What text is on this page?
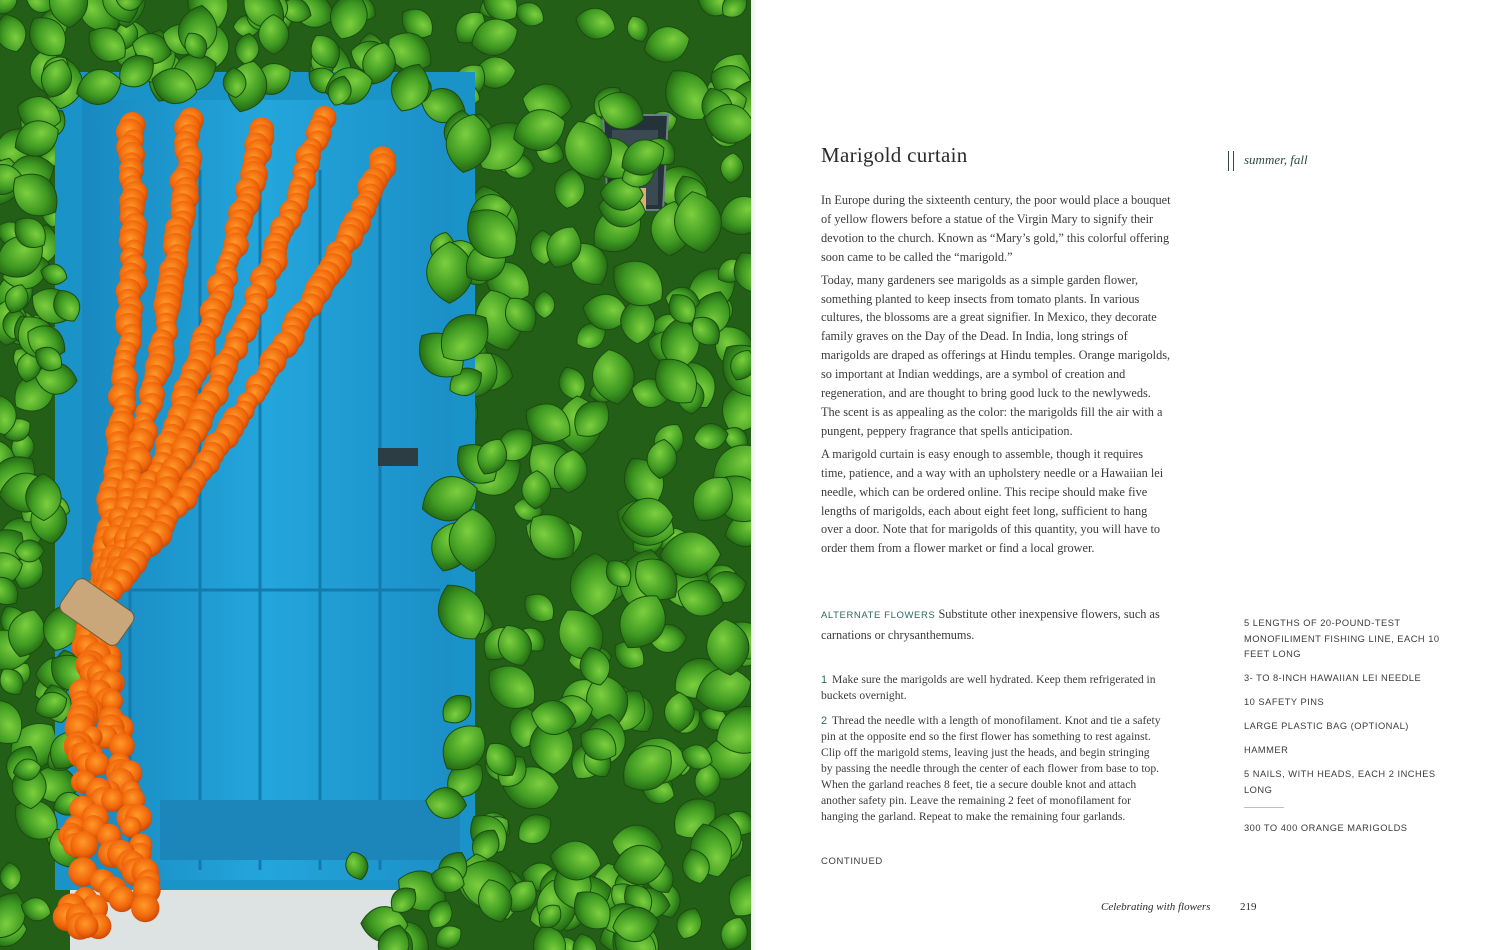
Marigold curtain	summer, fall

In Europe during the sixteenth century, the poor would place a bouquet of yellow flowers before a statue of the Virgin Mary to signify their devotion to the church. Known as “Mary’s gold,” this colorful offering soon came to be called the “marigold.”

Today, many gardeners see marigolds as a simple garden flower, something planted to keep insects from tomato plants. In various cultures, the blossoms are a great signifier. In Mexico, they decorate family graves on the Day of the Dead. In India, long strings of marigolds are draped as offerings at Hindu temples. Orange marigolds, so important at Indian weddings, are a symbol of creation and regeneration, and are thought to bring good luck to the newlyweds. The scent is as appealing as the color: the marigolds fill the air with a pungent, peppery fragrance that spells anticipation.

A marigold curtain is easy enough to assemble, though it requires time, patience, and a way with an upholstery needle or a Hawaiian lei needle, which can be ordered online. This recipe should make five lengths of marigolds, each about eight feet long, sufficient to hang over a door. Note that for marigolds of this quantity, you will have to order them from a flower market or find a local grower.

ALTERNATE FLOWERS Substitute other inexpensive flowers, such as carnations or chrysanthemums.

1 Make sure the marigolds are well hydrated. Keep them refrigerated in buckets overnight.

2 Thread the needle with a length of monofilament. Knot and tie a safety pin at the opposite end so the first flower has something to rest against. Clip off the marigold stems, leaving just the heads, and begin stringing by passing the needle through the center of each flower from base to top. When the garland reaches 8 feet, tie a secure double knot and attach another safety pin. Leave the remaining 2 feet of monofilament for hanging the garland. Repeat to make the remaining four garlands.

CONTINUED
5 LENGTHS OF 20-POUND-TEST MONOFILIMENT FISHING LINE, EACH 10 FEET LONG
3- TO 8-INCH HAWAIIAN LEI NEEDLE
10 SAFETY PINS
LARGE PLASTIC BAG (OPTIONAL)
HAMMER
5 NAILS, WITH HEADS, EACH 2 INCHES LONG
300 TO 400 ORANGE MARIGOLDS
Celebrating with flowers	219
